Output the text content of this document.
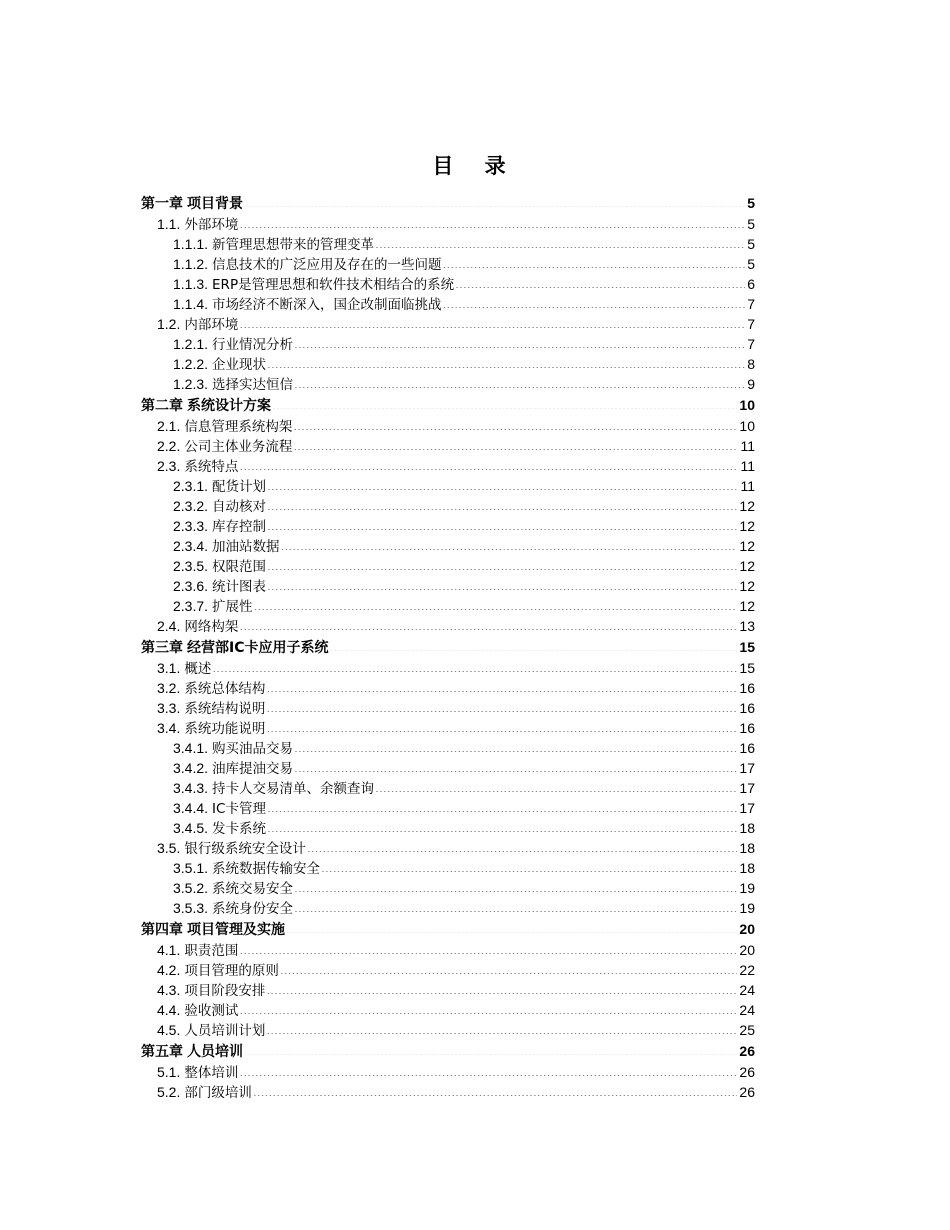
目 录
第一章 项目背景 .....	5
1.1. 外部环境 .....	5
1.1.1. 新管理思想带来的管理变革 .....	5
1.1.2. 信息技术的广泛应用及存在的一些问题 .....	5
1.1.3. ERP是管理思想和软件技术相结合的系统 .....	6
1.1.4. 市场经济不断深入，国企改制面临挑战 .....	7
1.2. 内部环境 .....	7
1.2.1. 行业情况分析 .....	7
1.2.2. 企业现状 .....	8
1.2.3. 选择实达恒信 .....	9
第二章 系统设计方案 .....	10
2.1. 信息管理系统构架 .....	10
2.2. 公司主体业务流程 .....	11
2.3. 系统特点 .....	11
2.3.1. 配货计划 .....	11
2.3.2. 自动核对 .....	12
2.3.3. 库存控制 .....	12
2.3.4. 加油站数据 .....	12
2.3.5. 权限范围 .....	12
2.3.6. 统计图表 .....	12
2.3.7. 扩展性 .....	12
2.4. 网络构架 .....	13
第三章 经营部IC卡应用子系统 .....	15
3.1. 概述 .....	15
3.2. 系统总体结构 .....	16
3.3. 系统结构说明 .....	16
3.4. 系统功能说明 .....	16
3.4.1. 购买油品交易 .....	16
3.4.2. 油库提油交易 .....	17
3.4.3. 持卡人交易清单、余额查询 .....	17
3.4.4. IC卡管理 .....	17
3.4.5. 发卡系统 .....	18
3.5. 银行级系统安全设计 .....	18
3.5.1. 系统数据传输安全 .....	18
3.5.2. 系统交易安全 .....	19
3.5.3. 系统身份安全 .....	19
第四章 项目管理及实施 .....	20
4.1. 职责范围 .....	20
4.2. 项目管理的原则 .....	22
4.3. 项目阶段安排 .....	24
4.4. 验收测试 .....	24
4.5. 人员培训计划 .....	25
第五章 人员培训 .....	26
5.1. 整体培训 .....	26
5.2. 部门级培训 .....	26
